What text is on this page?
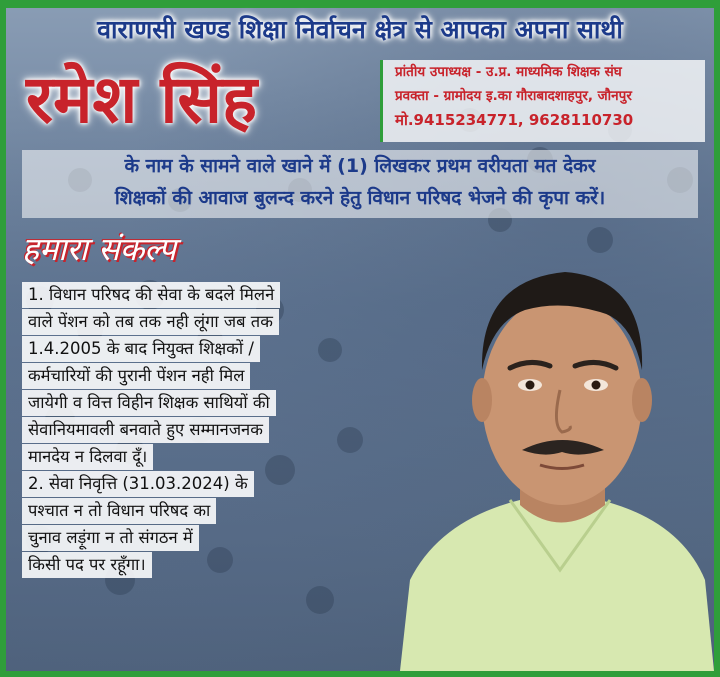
वाराणसी खण्ड शिक्षा निर्वाचन क्षेत्र से आपका अपना साथी
रमेश सिंह	प्रांतीय उपाध्यक्ष - उ.प्र. माध्यमिक शिक्षक संघ
प्रवक्ता - ग्रामोदय इ.का गौराबादशाहपुर, जौनपुर
मो.9415234771, 9628110730
के नाम के सामने वाले खाने में (1) लिखकर प्रथम वरीयता मत देकर
शिक्षकों की आवाज बुलन्द करने हेतु विधान परिषद भेजने की कृपा करें।
हमारा संकल्प
1. विधान परिषद की सेवा के बदले मिलने
वाले पेंशन को तब तक नही लूंगा जब तक
1.4.2005 के बाद नियुक्त शिक्षकों /
कर्मचारियों की पुरानी पेंशन नही मिल
जायेगी व वित्त विहीन शिक्षक साथियों की
सेवानियमावली बनवाते हुए सम्मानजनक
मानदेय न दिलवा दूँ।
2. सेवा निवृत्ति (31.03.2024) के
पश्चात न तो विधान परिषद का
चुनाव लड़ूंगा न तो संगठन में
किसी पद पर रहूँगा।
